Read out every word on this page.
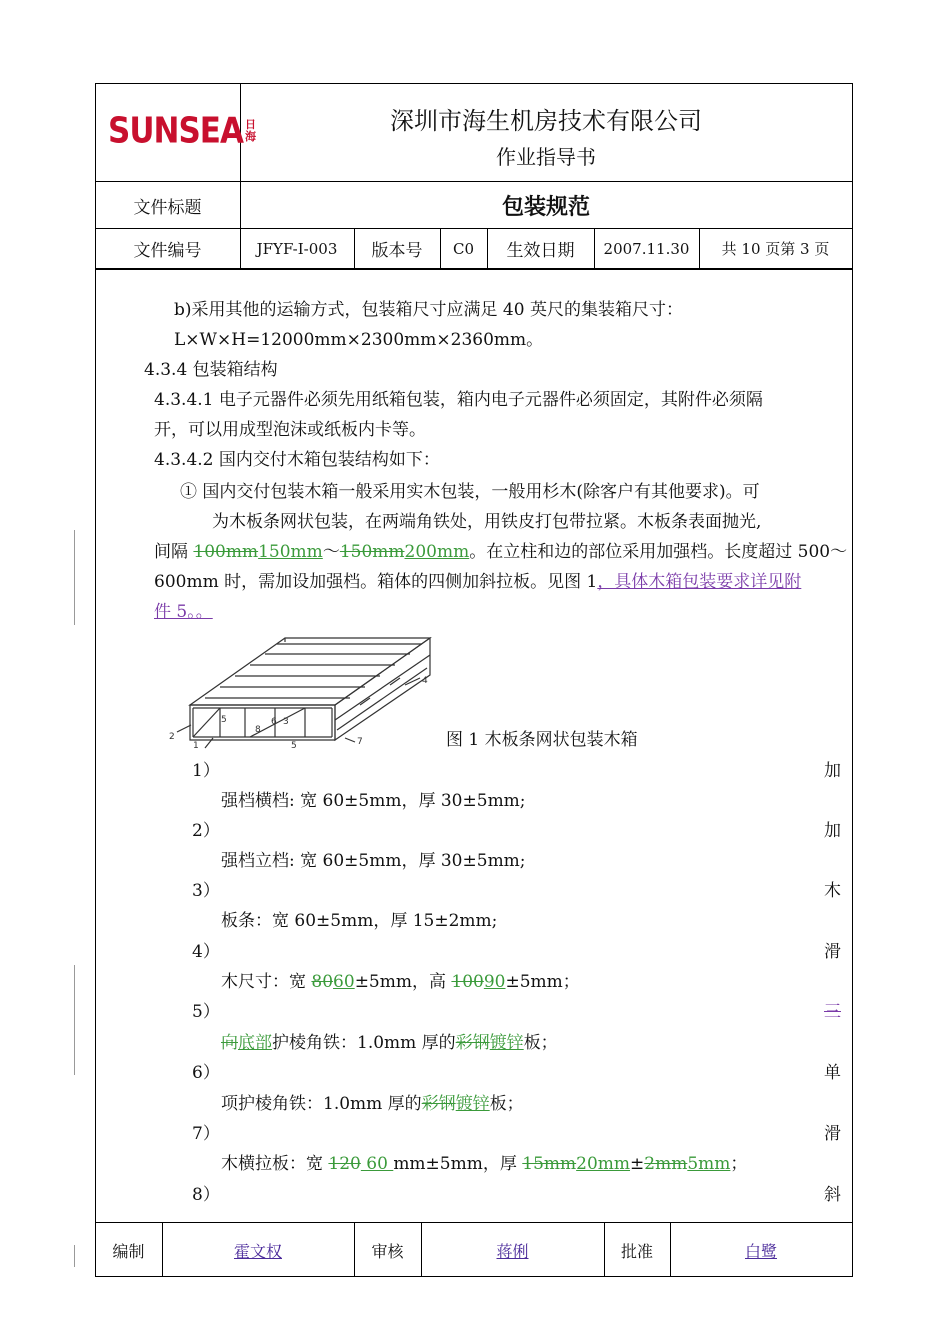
SUNSEA 日海
深圳市海生机房技术有限公司
作业指导书
文件标题	包装规范
文件编号	JFYF-I-003	版本号	C0	生效日期	2007.11.30	共 10 页第 3 页
b)采用其他的运输方式，包装箱尺寸应满足 40 英尺的集装箱尺寸：
L×W×H=12000mm×2300mm×2360mm。
4.3.4 包装箱结构
4.3.4.1 电子元器件必须先用纸箱包装，箱内电子元器件必须固定，其附件必须隔
开，可以用成型泡沫或纸板内卡等。
4.3.4.2 国内交付木箱包装结构如下：
① 国内交付包装木箱一般采用实木包装，一般用杉木(除客户有其他要求)。可
为木板条网状包装，在两端角铁处，用铁皮打包带拉紧。木板条表面抛光,
间隔 100mm150mm～150mm200mm。在立柱和边的部位采用加强档。长度超过 500～
600mm 时，需加设加强档。箱体的四侧加斜拉板。见图 1，具体木箱包装要求详见附
件 5。。
1
2
3
4
5
5
6
7
8	图 1 木板条网状包装木箱
1）	加
强档横档: 宽 60±5mm，厚 30±5mm;
2）	加
强档立档: 宽 60±5mm，厚 30±5mm;
3）	木
板条：宽 60±5mm，厚 15±2mm;
4）	滑
木尺寸：宽 8060±5mm，高 10090±5mm；
5）	三
向底部护棱角铁：1.0mm 厚的彩钢镀锌板；
6）	单
项护棱角铁：1.0mm 厚的彩钢镀锌板；
7）	滑
木横拉板：宽 120 60 mm±5mm，厚 15mm20mm±2mm5mm；
8）	斜
编制	霍文权	审核	蒋俐	批准	白鹭
